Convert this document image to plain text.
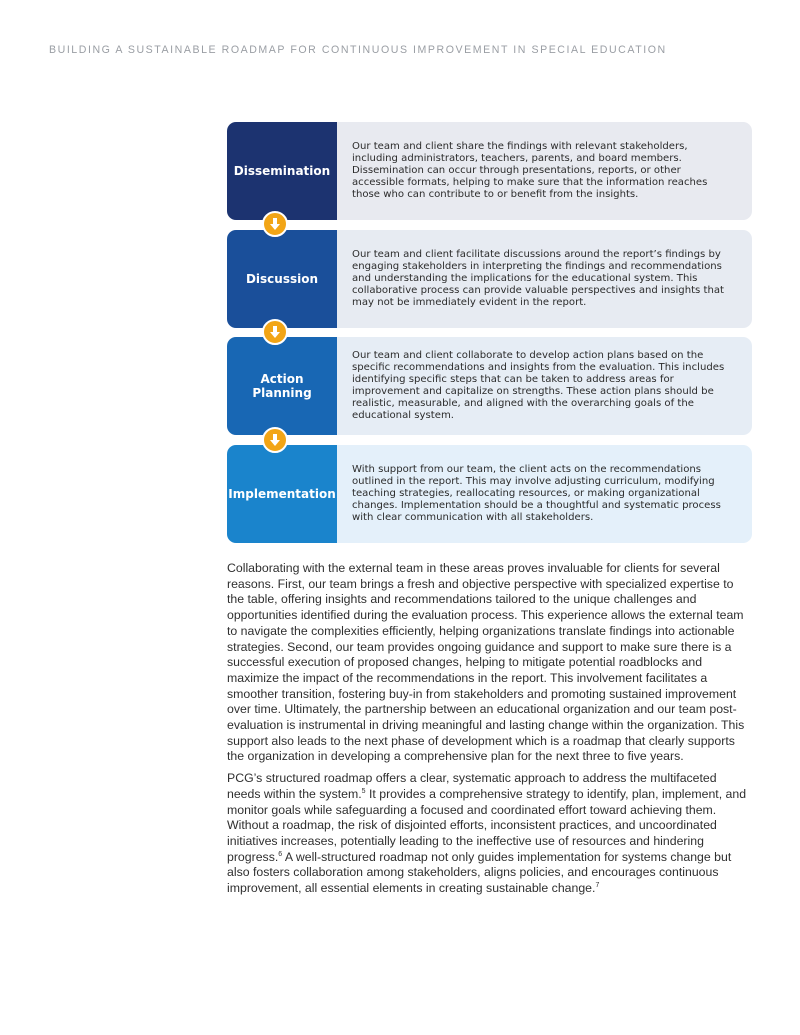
BUILDING A SUSTAINABLE ROADMAP FOR CONTINUOUS IMPROVEMENT IN SPECIAL EDUCATION
Dissemination
Our team and client share the findings with relevant stakeholders, including administrators, teachers, parents, and board members. Dissemination can occur through presentations, reports, or other accessible formats, helping to make sure that the information reaches those who can contribute to or benefit from the insights.
Discussion
Our team and client facilitate discussions around the report’s findings by engaging stakeholders in interpreting the findings and recommendations and understanding the implications for the educational system. This collaborative process can provide valuable perspectives and insights that may not be immediately evident in the report.
Action Planning
Our team and client collaborate to develop action plans based on the specific recommendations and insights from the evaluation. This includes identifying specific steps that can be taken to address areas for improvement and capitalize on strengths. These action plans should be realistic, measurable, and aligned with the overarching goals of the educational system.
Implementation
With support from our team, the client acts on the recommendations outlined in the report. This may involve adjusting curriculum, modifying teaching strategies, reallocating resources, or making organizational changes. Implementation should be a thoughtful and systematic process with clear communication with all stakeholders.

Collaborating with the external team in these areas proves invaluable for clients for several reasons. First, our team brings a fresh and objective perspective with specialized expertise to the table, offering insights and recommendations tailored to the unique challenges and opportunities identified during the evaluation process. This experience allows the external team to navigate the complexities efficiently, helping organizations translate findings into actionable strategies. Second, our team provides ongoing guidance and support to make sure there is a successful execution of proposed changes, helping to mitigate potential roadblocks and maximize the impact of the recommendations in the report. This involvement facilitates a smoother transition, fostering buy-in from stakeholders and promoting sustained improvement over time. Ultimately, the partnership between an educational organization and our team post-evaluation is instrumental in driving meaningful and lasting change within the organization. This support also leads to the next phase of development which is a roadmap that clearly supports the organization in developing a comprehensive plan for the next three to five years.

PCG’s structured roadmap offers a clear, systematic approach to address the multifaceted needs within the system.$^5$ It provides a comprehensive strategy to identify, plan, implement, and monitor goals while safeguarding a focused and coordinated effort toward achieving them. Without a roadmap, the risk of disjointed efforts, inconsistent practices, and uncoordinated initiatives increases, potentially leading to the ineffective use of resources and hindering progress.$^6$ A well-structured roadmap not only guides implementation for systems change but also fosters collaboration among stakeholders, aligns policies, and encourages continuous improvement, all essential elements in creating sustainable change.$^7$
